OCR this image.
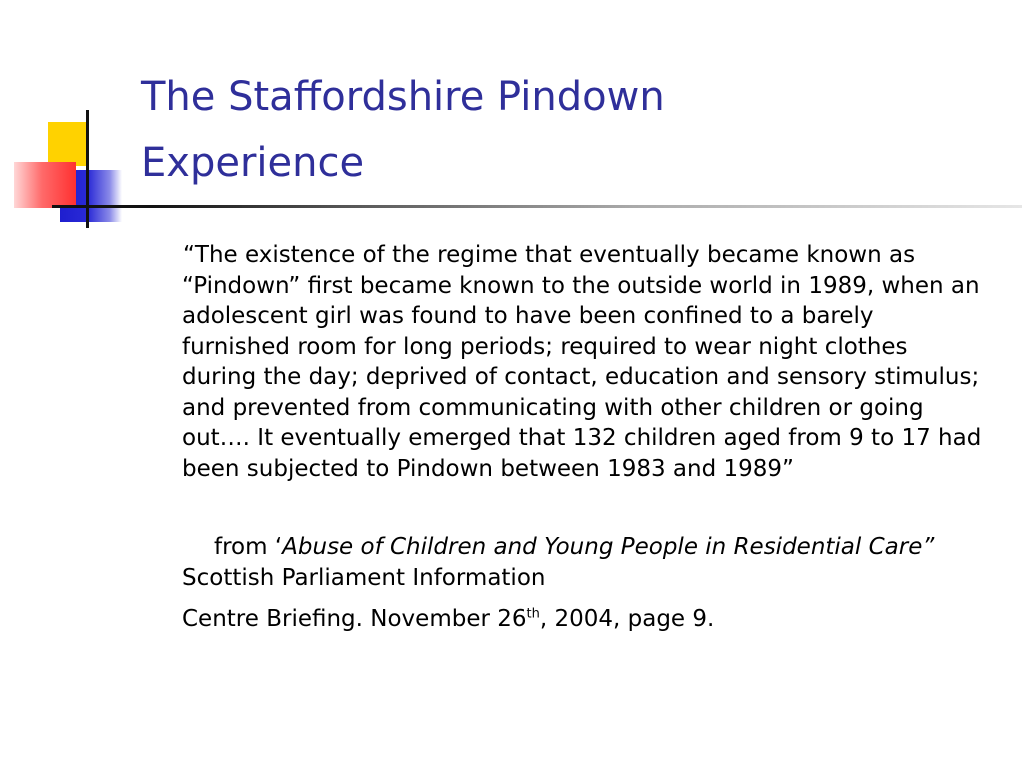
The Staffordshire Pindown
Experience

“The existence of the regime that eventually became known as “Pindown” first became known to the outside world in 1989, when an adolescent girl was found to have been confined to a barely furnished room for long periods; required to wear night clothes during the day; deprived of contact, education and sensory stimulus; and prevented from communicating with other children or going out…. It eventually emerged that 132 children aged from 9 to 17 had been subjected to Pindown between 1983 and 1989”

from ‘Abuse of Children and Young People in Residential Care” Scottish Parliament Information
Centre Briefing. November 26th, 2004, page 9.
